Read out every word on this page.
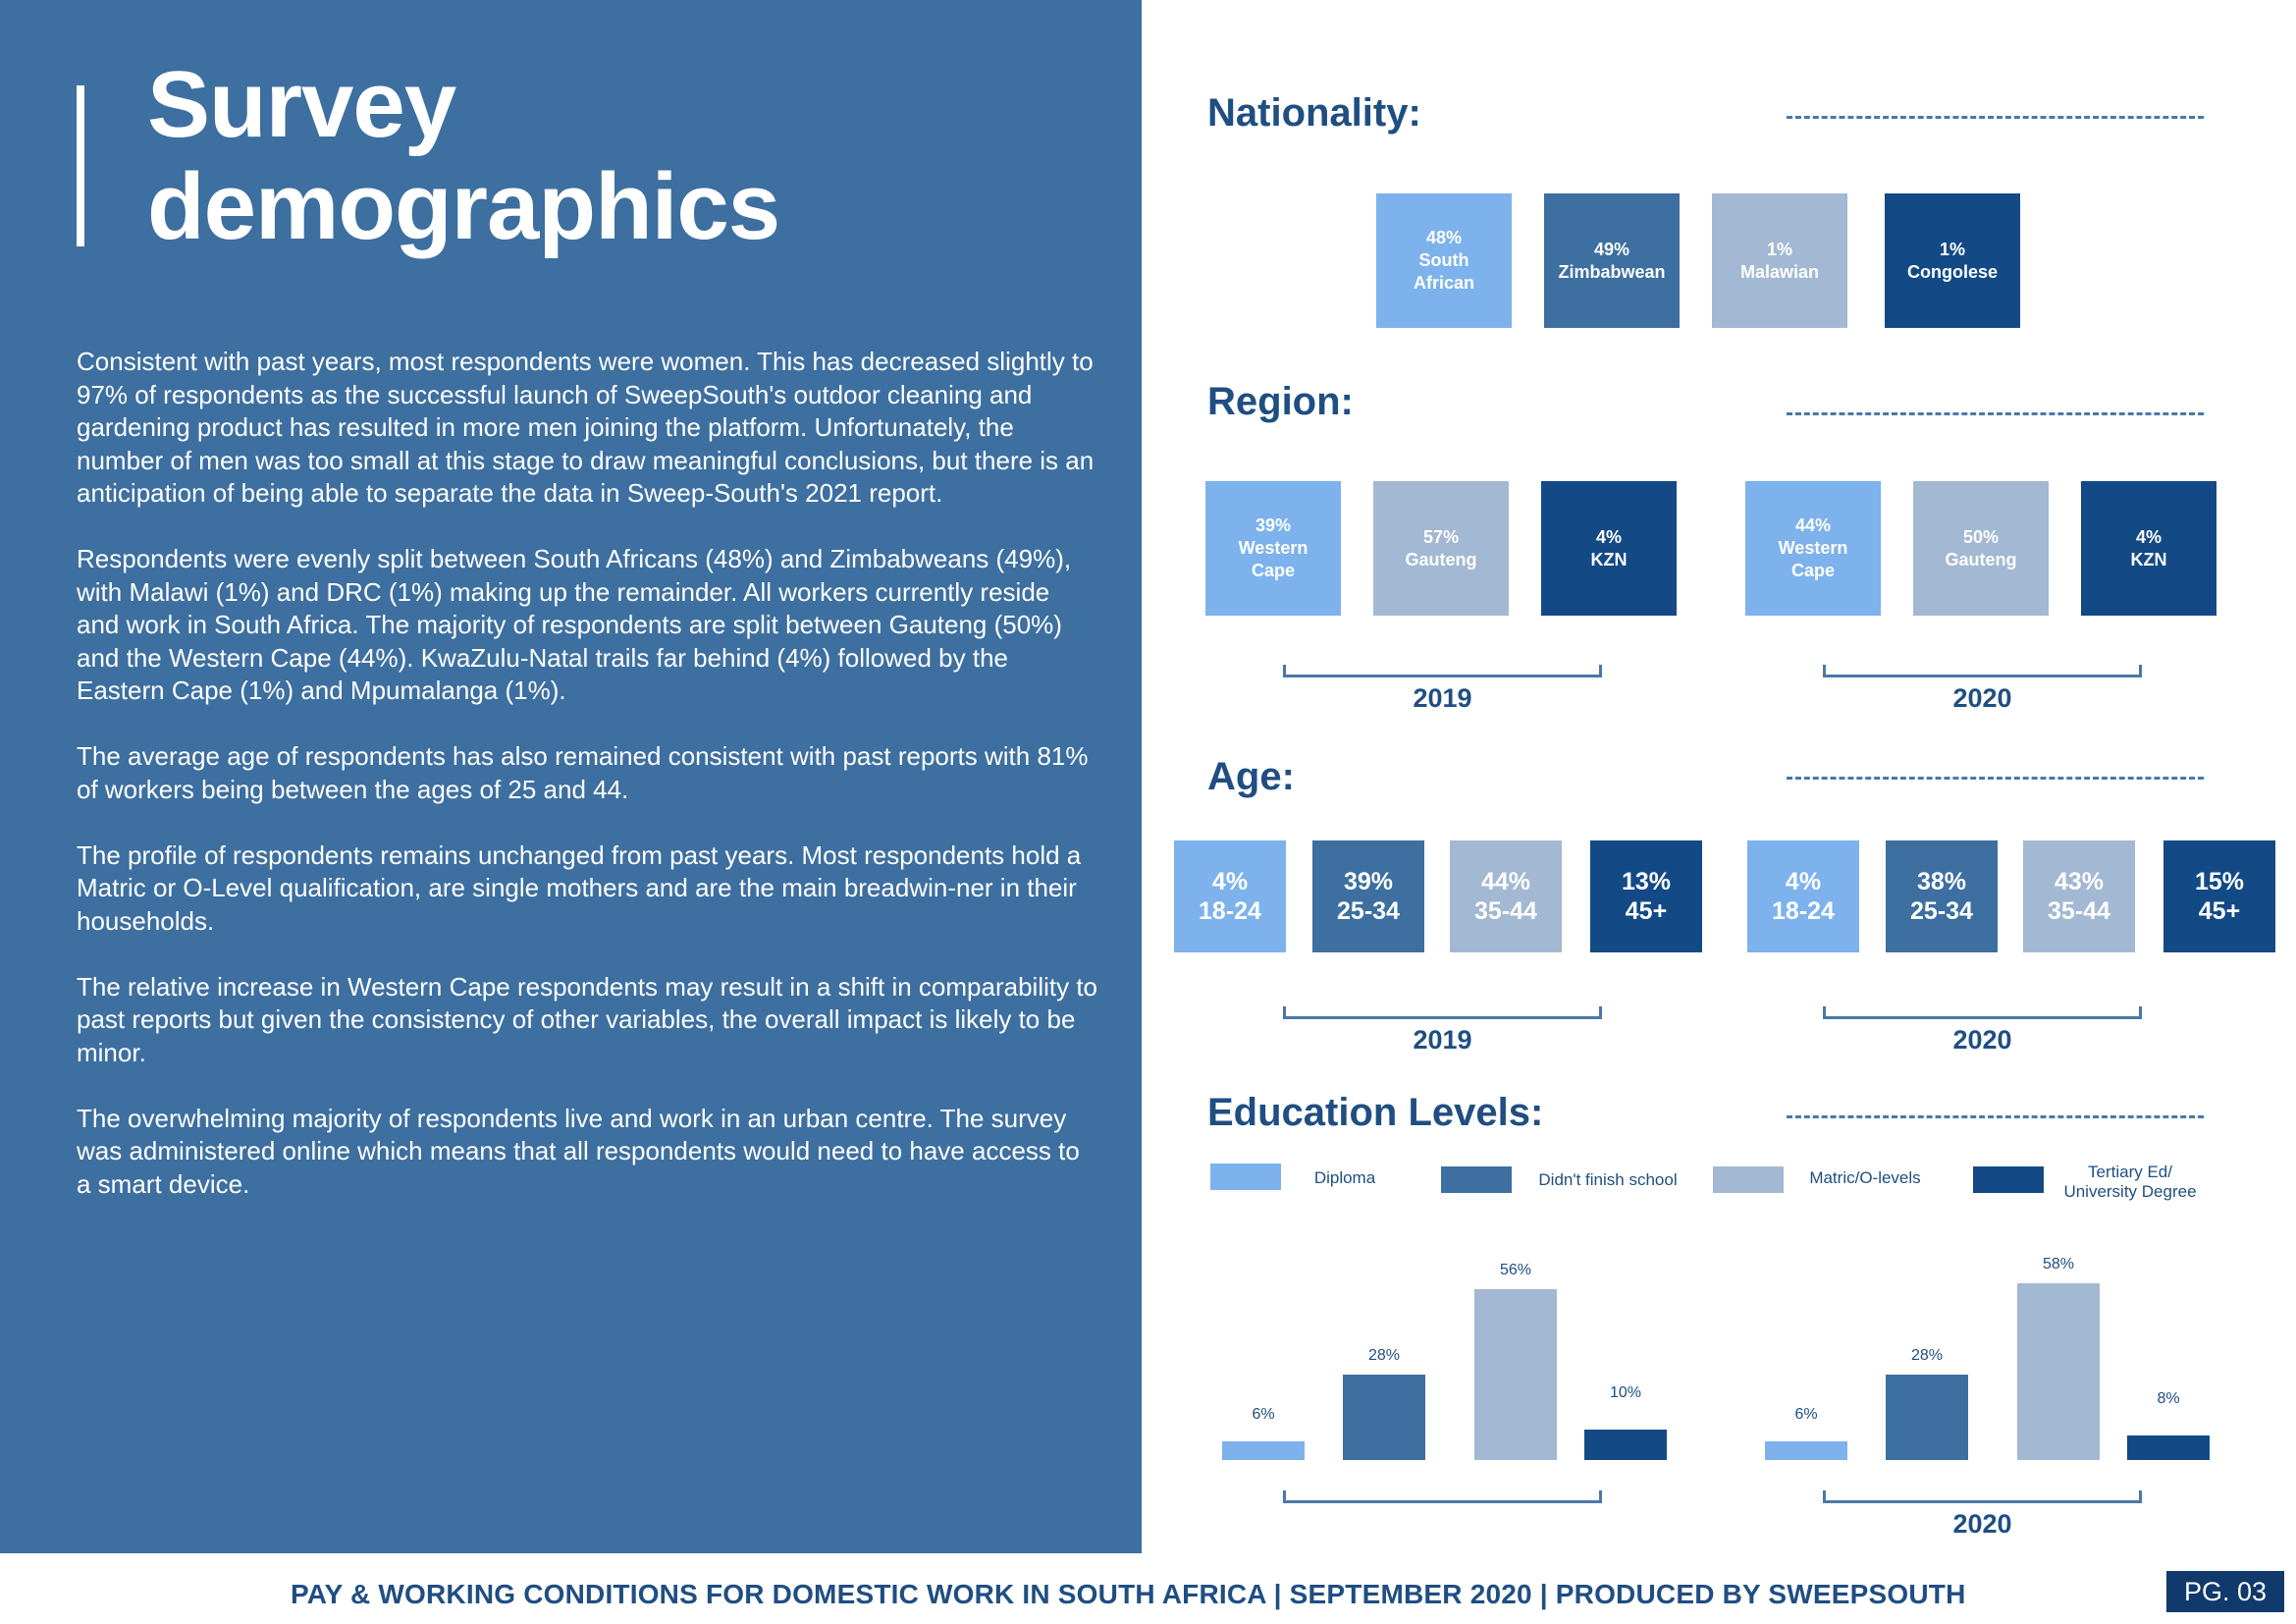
Survey
demographics

Consistent with past years, most respondents were women. This has decreased slightly to 97% of respondents as the successful launch of SweepSouth's outdoor cleaning and gardening product has resulted in more men joining the platform. Unfortunately, the number of men was too small at this stage to draw meaningful conclusions, but there is an anticipation of being able to separate the data in Sweep-South's 2021 report.

Respondents were evenly split between South Africans (48%) and Zimbabweans (49%), with Malawi (1%) and DRC (1%) making up the remainder. All workers currently reside and work in South Africa. The majority of respondents are split between Gauteng (50%) and the Western Cape (44%). KwaZulu-Natal trails far behind (4%) followed by the Eastern Cape (1%) and Mpumalanga (1%).

The average age of respondents has also remained consistent with past reports with 81% of workers being between the ages of 25 and 44.

The profile of respondents remains unchanged from past years. Most respondents hold a Matric or O-Level qualification, are single mothers and are the main breadwin-ner in their households.

The relative increase in Western Cape respondents may result in a shift in comparability to past reports but given the consistency of other variables, the overall impact is likely to be minor.

The overwhelming majority of respondents live and work in an urban centre. The survey was administered online which means that all respondents would need to have access to a smart device.

Nationality:
48%
South
African
49%
Zimbabwean
1%
Malawian
1%
Congolese
Region:
39%
Western
Cape
57%
Gauteng
4%
KZN
44%
Western
Cape
50%
Gauteng
4%
KZN
2019	2020
Age:
4%
18-24
39%
25-34
44%
35-44
13%
45+
4%
18-24
38%
25-34
43%
35-44
15%
45+
2019	2020
Education Levels:
Diploma	Didn't finish school	Matric/O-levels	Tertiary Ed/
University Degree
6%
28%
56%
10%
6%
28%
58%
8%
2020
PAY & WORKING CONDITIONS FOR DOMESTIC WORK IN SOUTH AFRICA | SEPTEMBER 2020 | PRODUCED BY SWEEPSOUTH	PG. 03
